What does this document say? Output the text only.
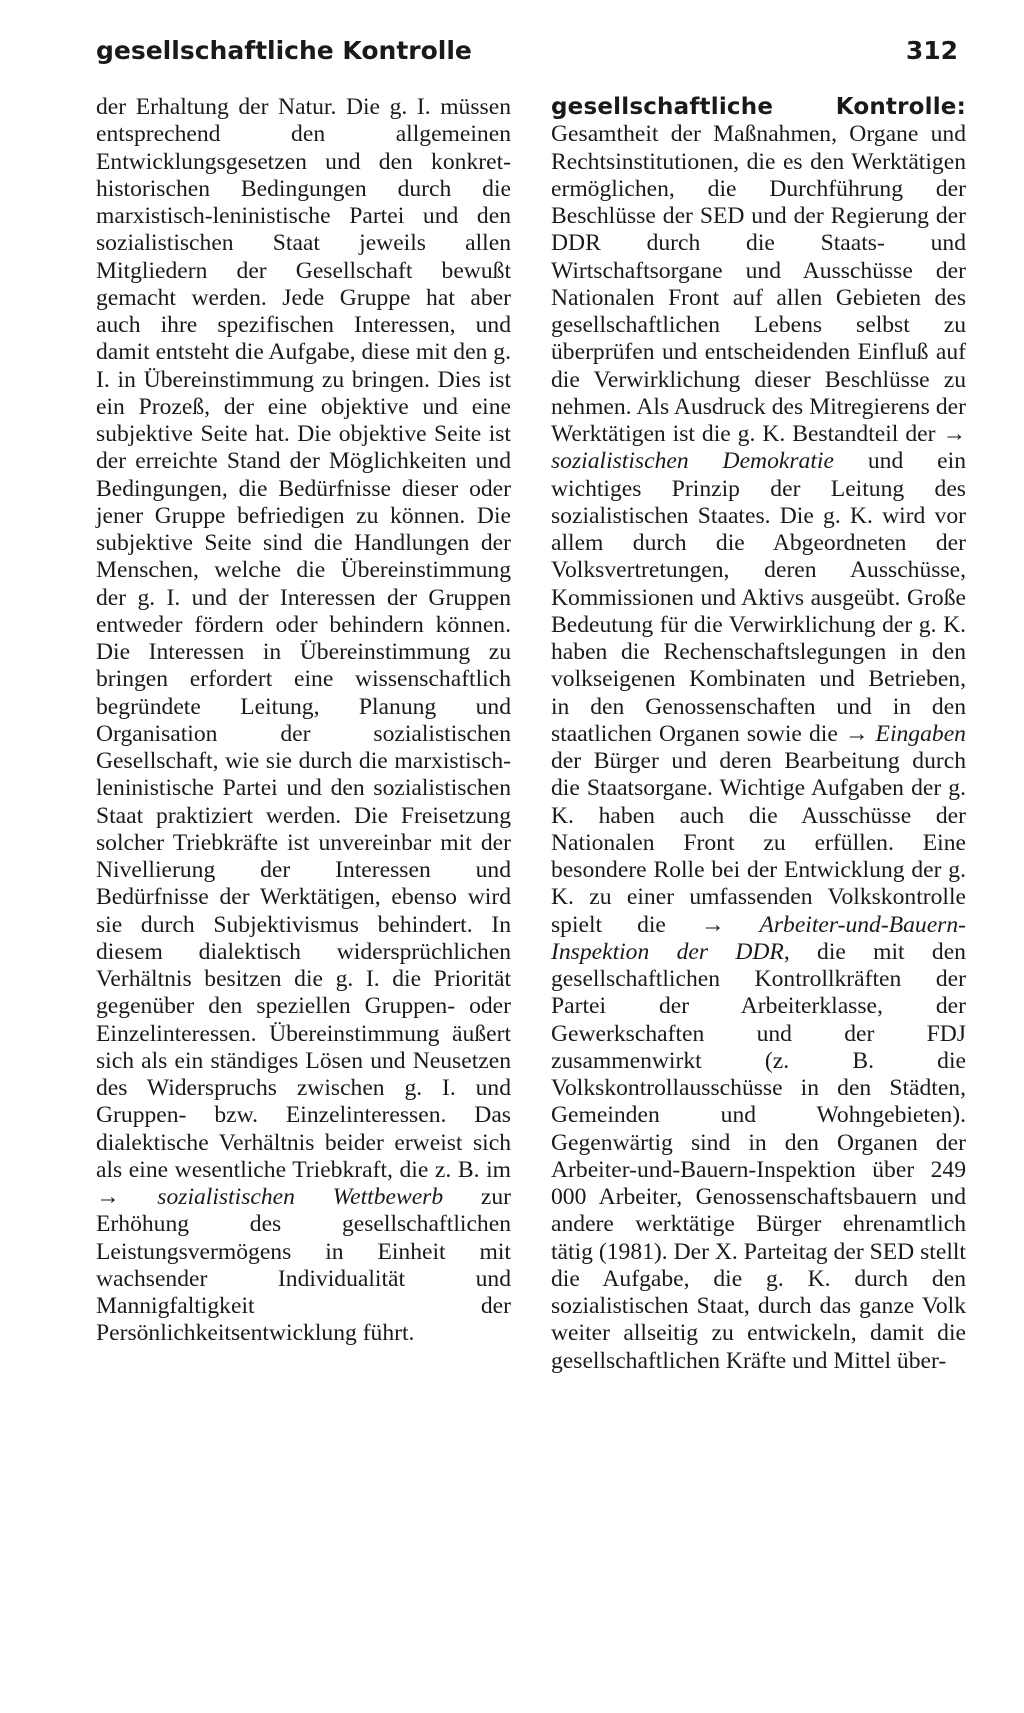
gesellschaftliche Kontrolle	312
der Erhaltung der Natur. Die g. I. müssen entsprechend den allgemeinen Entwicklungsgesetzen und den konkret-historischen Bedingungen durch die marxistisch-leninistische Partei und den sozialistischen Staat jeweils allen Mitgliedern der Gesellschaft bewußt gemacht werden. Jede Gruppe hat aber auch ihre spezifischen Interessen, und damit entsteht die Aufgabe, diese mit den g. I. in Übereinstimmung zu bringen. Dies ist ein Prozeß, der eine objektive und eine subjektive Seite hat. Die objektive Seite ist der erreichte Stand der Möglichkeiten und Bedingungen, die Bedürfnisse dieser oder jener Gruppe befriedigen zu können. Die subjektive Seite sind die Handlungen der Menschen, welche die Übereinstimmung der g. I. und der Interessen der Gruppen entweder fördern oder behindern können. Die Interessen in Übereinstimmung zu bringen erfordert eine wissenschaftlich begründete Leitung, Planung und Organisation der sozialistischen Gesellschaft, wie sie durch die marxistisch-leninistische Partei und den sozialistischen Staat praktiziert werden. Die Freisetzung solcher Triebkräfte ist unvereinbar mit der Nivellierung der Interessen und Bedürfnisse der Werktätigen, ebenso wird sie durch Subjektivismus behindert. In diesem dialektisch widersprüchlichen Verhältnis besitzen die g. I. die Priorität gegenüber den speziellen Gruppen- oder Einzelinteressen. Übereinstimmung äußert sich als ein ständiges Lösen und Neusetzen des Widerspruchs zwischen g. I. und Gruppen- bzw. Einzelinteressen. Das dialektische Verhältnis beider erweist sich als eine wesentliche Triebkraft, die z. B. im → sozialistischen Wettbewerb zur Erhöhung des gesellschaftlichen Leistungsvermögens in Einheit mit wachsender Individualität und Mannigfaltigkeit der Persönlichkeitsentwicklung führt.
gesellschaftliche Kontrolle: Gesamtheit der Maßnahmen, Organe und Rechtsinstitutionen, die es den Werktätigen ermöglichen, die Durchführung der Beschlüsse der SED und der Regierung der DDR durch die Staats- und Wirtschaftsorgane und Ausschüsse der Nationalen Front auf allen Gebieten des gesellschaftlichen Lebens selbst zu überprüfen und entscheidenden Einfluß auf die Verwirklichung dieser Beschlüsse zu nehmen. Als Ausdruck des Mitregierens der Werktätigen ist die g. K. Bestandteil der → sozialistischen Demokratie und ein wichtiges Prinzip der Leitung des sozialistischen Staates. Die g. K. wird vor allem durch die Abgeordneten der Volksvertretungen, deren Ausschüsse, Kommissionen und Aktivs ausgeübt. Große Bedeutung für die Verwirklichung der g. K. haben die Rechenschaftslegungen in den volkseigenen Kombinaten und Betrieben, in den Genossenschaften und in den staatlichen Organen sowie die → Eingaben der Bürger und deren Bearbeitung durch die Staatsorgane. Wichtige Aufgaben der g. K. haben auch die Ausschüsse der Nationalen Front zu erfüllen. Eine besondere Rolle bei der Entwicklung der g. K. zu einer umfassenden Volkskontrolle spielt die → Arbeiter-und-Bauern-Inspektion der DDR, die mit den gesellschaftlichen Kontrollkräften der Partei der Arbeiterklasse, der Gewerkschaften und der FDJ zusammenwirkt (z. B. die Volkskontrollausschüsse in den Städten, Gemeinden und Wohngebieten). Gegenwärtig sind in den Organen der Arbeiter-und-Bauern-Inspektion über 249 000 Arbeiter, Genossenschaftsbauern und andere werktätige Bürger ehrenamtlich tätig (1981). Der X. Parteitag der SED stellt die Aufgabe, die g. K. durch den sozialistischen Staat, durch das ganze Volk weiter allseitig zu entwickeln, damit die gesellschaftlichen Kräfte und Mittel über-
